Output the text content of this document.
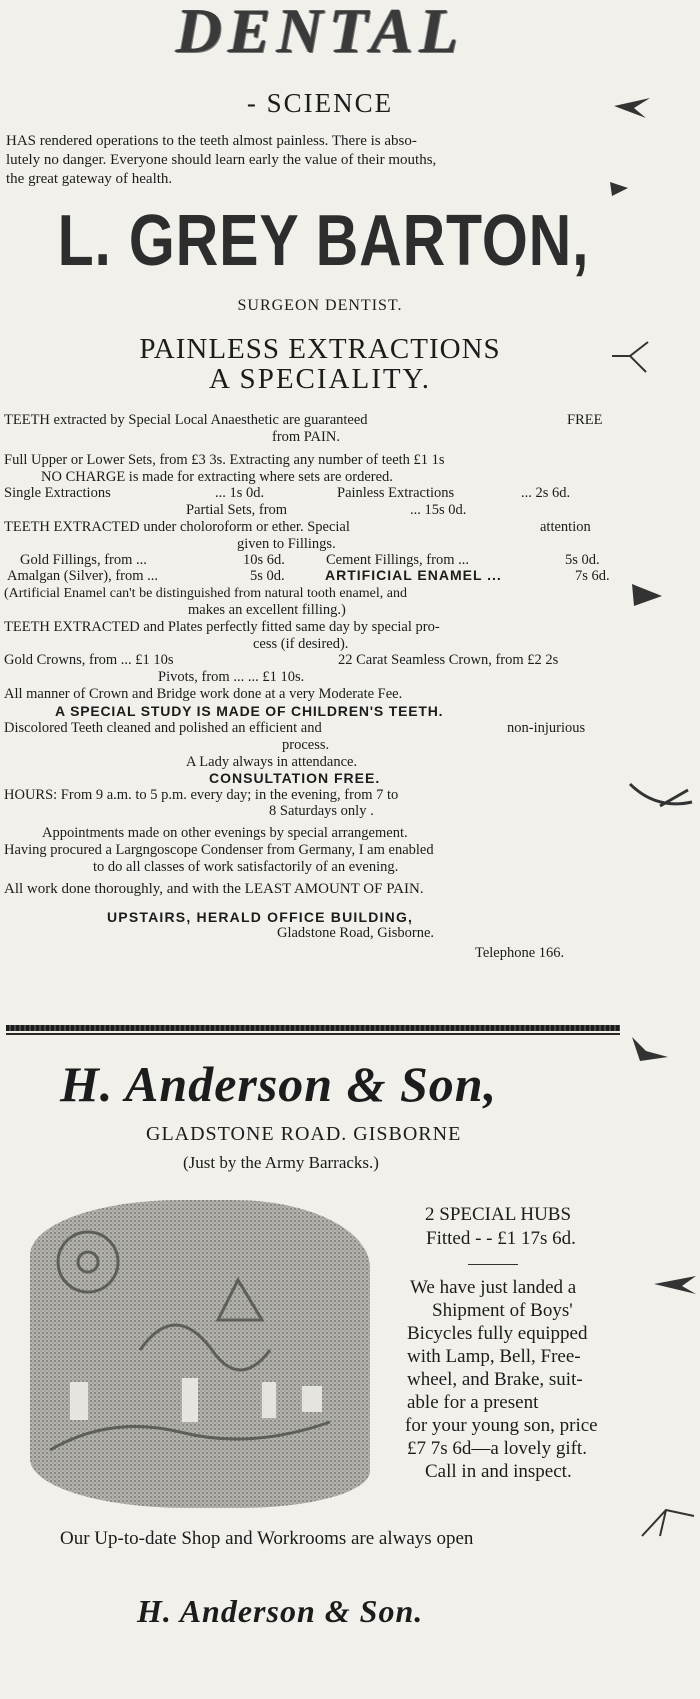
DENTAL
- SCIENCE
HAS rendered operations to the teeth almost painless. There is abso-
lutely no danger. Everyone should learn early the value of their mouths,
the great gateway of health.
L. GREY BARTON,
SURGEON DENTIST.
PAINLESS EXTRACTIONS
A SPECIALITY.
TEETH extracted by Special Local Anaesthetic are guaranteed	FREE
from PAIN.
Full Upper or Lower Sets, from £3 3s. Extracting any number of teeth £1 1s
NO CHARGE is made for extracting where sets are ordered.
Single Extractions	... 1s 0d.	Painless Extractions	... 2s 6d.
Partial Sets, from	... 15s 0d.
TEETH EXTRACTED under choloroform or ether. Special	attention
given to Fillings.
Gold Fillings, from ...	10s 6d.	Cement Fillings, from ...	5s 0d.
Amalgan (Silver), from ...	5s 0d.	ARTIFICIAL ENAMEL ...	7s 6d.
(Artificial Enamel can't be distinguished from natural tooth enamel, and
makes an excellent filling.)
TEETH EXTRACTED and Plates perfectly fitted same day by special pro-
cess (if desired).
Gold Crowns, from ... £1 10s	22 Carat Seamless Crown, from £2 2s
Pivots, from ... ... £1 10s.
All manner of Crown and Bridge work done at a very Moderate Fee.
A SPECIAL STUDY IS MADE OF CHILDREN'S TEETH.
Discolored Teeth cleaned and polished an efficient and	non-injurious
process.
A Lady always in attendance.
CONSULTATION FREE.
HOURS: From 9 a.m. to 5 p.m. every day; in the evening, from 7 to
8 Saturdays only .
Appointments made on other evenings by special arrangement.
Having procured a Largngoscope Condenser from Germany, I am enabled
to do all classes of work satisfactorily of an evening.
All work done thoroughly, and with the LEAST AMOUNT OF PAIN.
UPSTAIRS, HERALD OFFICE BUILDING,
Gladstone Road, Gisborne.
Telephone 166.
H. Anderson & Son,
GLADSTONE ROAD. GISBORNE
(Just by the Army Barracks.)
2 SPECIAL HUBS
Fitted - - £1 17s 6d.
We have just landed a
Shipment of Boys'
Bicycles fully equipped
with Lamp, Bell, Free-
wheel, and Brake, suit-
able for a present
for your young son, price
£7 7s 6d—a lovely gift.
Call in and inspect.
Our Up-to-date Shop and Workrooms are always open
H. Anderson & Son.
